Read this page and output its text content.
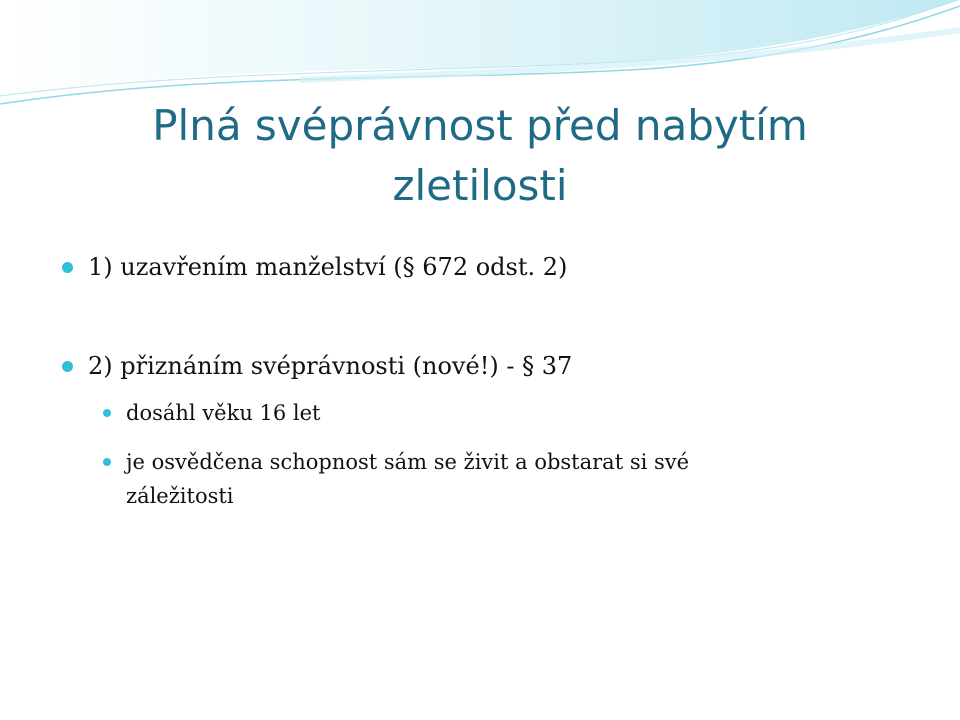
Plná svéprávnost před nabytím
zletilosti
1) uzavřením manželství (§ 672 odst. 2)
2) přiznáním svéprávnosti (nové!) - § 37
dosáhl věku 16 let
je osvědčena schopnost sám se živit a obstarat si své
záležitosti
